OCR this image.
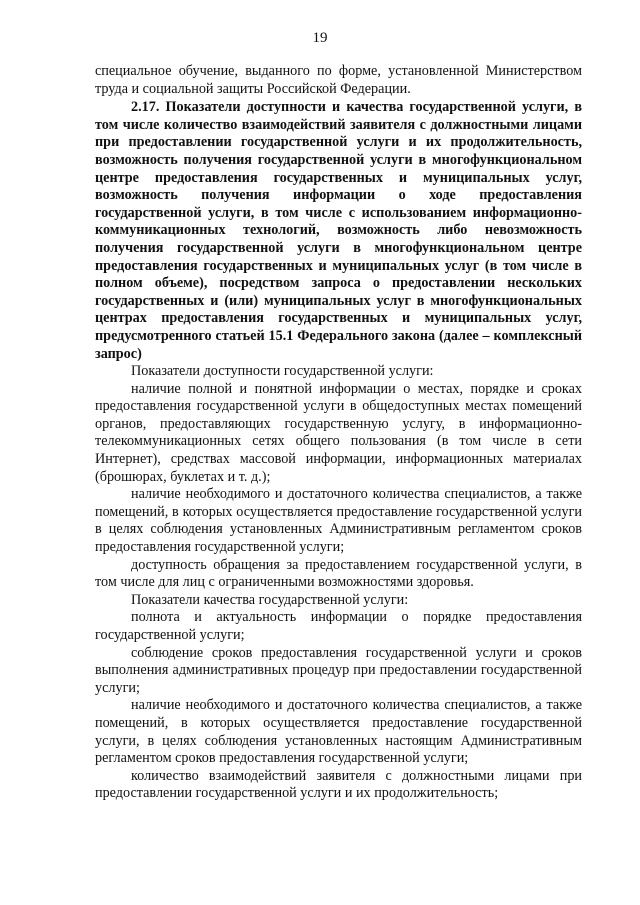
19

специальное обучение, выданного по форме, установленной Министерством труда и социальной защиты Российской Федерации.

2.17. Показатели доступности и качества государственной услуги, в том числе количество взаимодействий заявителя с должностными лицами при предоставлении государственной услуги и их продолжительность, возможность получения государственной услуги в многофункциональном центре предоставления государственных и муниципальных услуг, возможность получения информации о ходе предоставления государственной услуги, в том числе с использованием информационно-коммуникационных технологий, возможность либо невозможность получения государственной услуги в многофункциональном центре предоставления государственных и муниципальных услуг (в том числе в полном объеме), посредством запроса о предоставлении нескольких государственных и (или) муниципальных услуг в многофункциональных центрах предоставления государственных и муниципальных услуг, предусмотренного статьей 15.1 Федерального закона (далее – комплексный запрос)

Показатели доступности государственной услуги:

наличие полной и понятной информации о местах, порядке и сроках предоставления государственной услуги в общедоступных местах помещений органов, предоставляющих государственную услугу, в информационно-телекоммуникационных сетях общего пользования (в том числе в сети Интернет), средствах массовой информации, информационных материалах (брошюрах, буклетах и т. д.);

наличие необходимого и достаточного количества специалистов, а также помещений, в которых осуществляется предоставление государственной услуги в целях соблюдения установленных Административным регламентом сроков предоставления государственной услуги;

доступность обращения за предоставлением государственной услуги, в том числе для лиц с ограниченными возможностями здоровья.

Показатели качества государственной услуги:

полнота и актуальность информации о порядке предоставления государственной услуги;

соблюдение сроков предоставления государственной услуги и сроков выполнения административных процедур при предоставлении государственной услуги;

наличие необходимого и достаточного количества специалистов, а также помещений, в которых осуществляется предоставление государственной услуги, в целях соблюдения установленных настоящим Административным регламентом сроков предоставления государственной услуги;

количество взаимодействий заявителя с должностными лицами при предоставлении государственной услуги и их продолжительность;
